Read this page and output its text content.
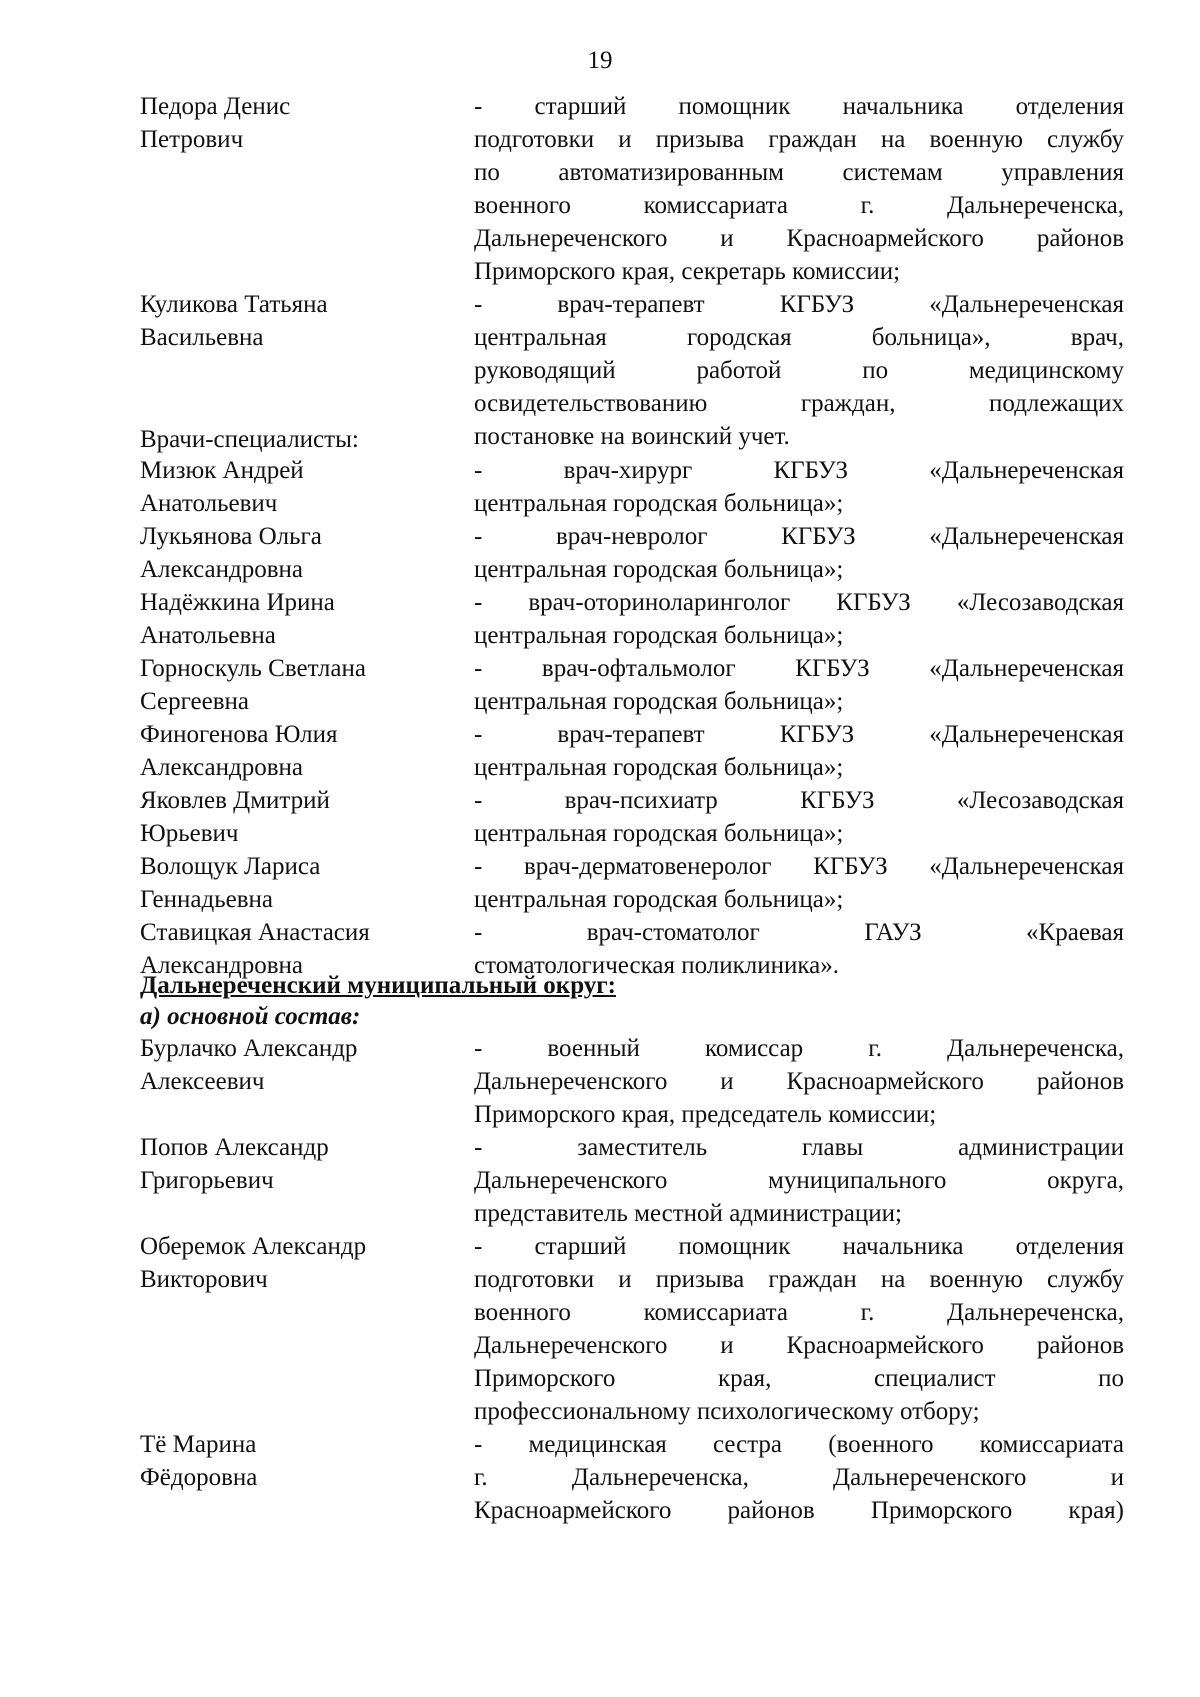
19
Педора Денис
Петрович
- старший помощник начальника отделения
подготовки и призыва граждан на военную службу
по автоматизированным системам управления
военного комиссариата г. Дальнереченска,
Дальнереченского и Красноармейского районов
Приморского края, секретарь комиссии;
Куликова Татьяна
Васильевна
- врач-терапевт КГБУЗ «Дальнереченская
центральная городская больница», врач,
руководящий работой по медицинскому
освидетельствованию граждан, подлежащих
постановке на воинский учет.
Врачи-специалисты:
Мизюк Андрей
Анатольевич
- врач-хирург КГБУЗ «Дальнереченская
центральная городская больница»;
Лукьянова Ольга
Александровна
- врач-невролог КГБУЗ «Дальнереченская
центральная городская больница»;
Надёжкина Ирина
Анатольевна
- врач-оториноларинголог КГБУЗ «Лесозаводская
центральная городская больница»;
Горноскуль Светлана
Сергеевна
- врач-офтальмолог КГБУЗ «Дальнереченская
центральная городская больница»;
Финогенова Юлия
Александровна
- врач-терапевт КГБУЗ «Дальнереченская
центральная городская больница»;
Яковлев Дмитрий
Юрьевич
- врач-психиатр КГБУЗ «Лесозаводская
центральная городская больница»;
Волощук Лариса
Геннадьевна
- врач-дерматовенеролог КГБУЗ «Дальнереченская
центральная городская больница»;
Ставицкая Анастасия
Александровна
- врач-стоматолог ГАУЗ «Краевая
стоматологическая поликлиника».
Дальнереченский муниципальный округ:
а) основной состав:
Бурлачко Александр
Алексеевич
- военный комиссар г. Дальнереченска,
Дальнереченского и Красноармейского районов
Приморского края, председатель комиссии;
Попов Александр
Григорьевич
- заместитель главы администрации
Дальнереченского муниципального округа,
представитель местной администрации;
Оберемок Александр
Викторович
- старший помощник начальника отделения
подготовки и призыва граждан на военную службу
военного комиссариата г. Дальнереченска,
Дальнереченского и Красноармейского районов
Приморского края, специалист по
профессиональному психологическому отбору;
Тё Марина
Фёдоровна
- медицинская сестра (военного комиссариата
г. Дальнереченска, Дальнереченского и
Красноармейского районов Приморского края)
